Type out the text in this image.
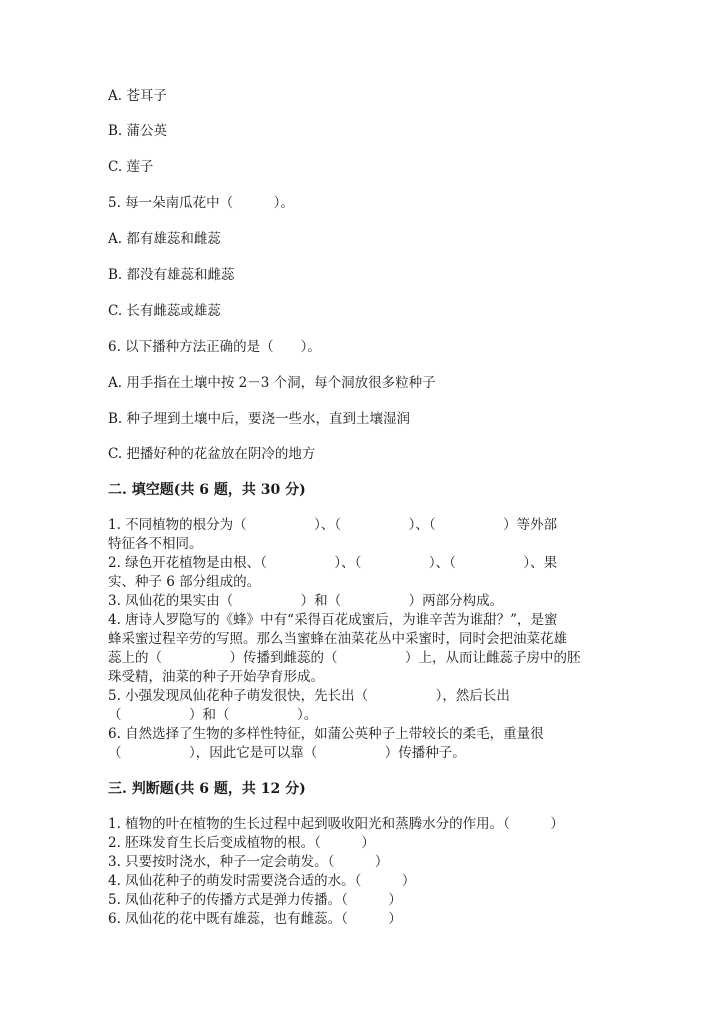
A. 苍耳子
B. 蒲公英
C. 莲子
5. 每一朵南瓜花中（　　　）。
A. 都有雄蕊和雌蕊
B. 都没有雄蕊和雌蕊
C. 长有雌蕊或雄蕊
6. 以下播种方法正确的是（　　）。
A. 用手指在土壤中按 2－3 个洞，每个洞放很多粒种子
B. 种子埋到土壤中后，要浇一些水，直到土壤湿润
C. 把播好种的花盆放在阴冷的地方
二. 填空题(共 6 题，共 30 分)
1. 不同植物的根分为（　　　　　）、（　　　　　）、（　　　　　）等外部
特征各不相同。
2. 绿色开花植物是由根、（　　　　　）、（　　　　　）、（　　　　　）、果
实、种子 6 部分组成的。
3. 凤仙花的果实由（　　　　　）和（　　　　　）两部分构成。
4. 唐诗人罗隐写的《蜂》中有“采得百花成蜜后，为谁辛苦为谁甜？”，是蜜
蜂采蜜过程辛劳的写照。那么当蜜蜂在油菜花丛中采蜜时，同时会把油菜花雄
蕊上的（　　　　　）传播到雌蕊的（　　　　　）上，从而让雌蕊子房中的胚
珠受精，油菜的种子开始孕育形成。
5. 小强发现凤仙花种子萌发很快，先长出（　　　　　），然后长出
（　　　　　）和（　　　　　）。
6. 自然选择了生物的多样性特征，如蒲公英种子上带较长的柔毛，重量很
（　　　　　），因此它是可以靠（　　　　　）传播种子。
三. 判断题(共 6 题，共 12 分)
1. 植物的叶在植物的生长过程中起到吸收阳光和蒸腾水分的作用。（　　　）
2. 胚珠发育生长后变成植物的根。（　　　）
3. 只要按时浇水，种子一定会萌发。（　　　）
4. 凤仙花种子的萌发时需要浇合适的水。（　　　）
5. 凤仙花种子的传播方式是弹力传播。（　　　）
6. 凤仙花的花中既有雄蕊，也有雌蕊。（　　　）
